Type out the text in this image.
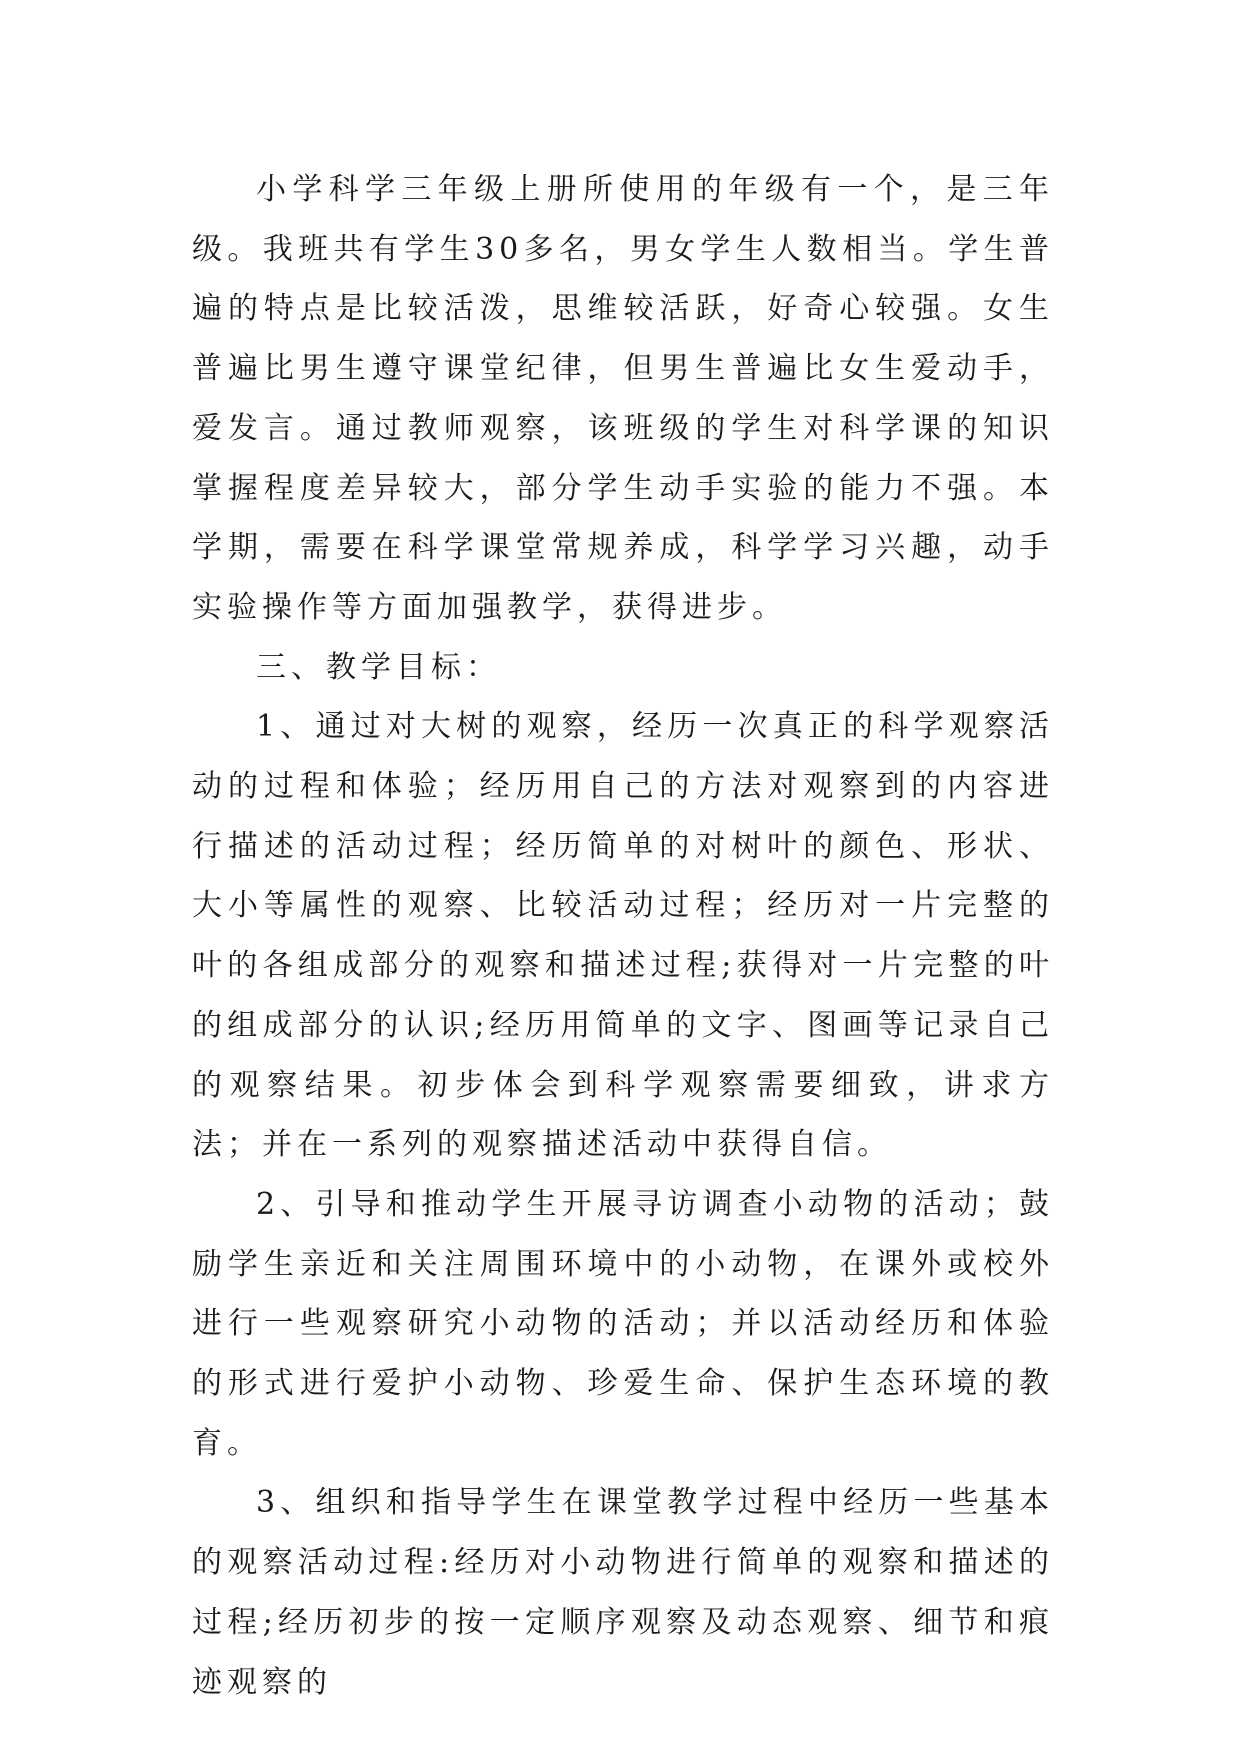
小学科学三年级上册所使用的年级有一个，是三年级。我班共有学生30多名，男女学生人数相当。学生普遍的特点是比较活泼，思维较活跃，好奇心较强。女生普遍比男生遵守课堂纪律，但男生普遍比女生爱动手，爱发言。通过教师观察，该班级的学生对科学课的知识掌握程度差异较大，部分学生动手实验的能力不强。本学期，需要在科学课堂常规养成，科学学习兴趣，动手实验操作等方面加强教学，获得进步。

三、教学目标：

1、通过对大树的观察，经历一次真正的科学观察活动的过程和体验；经历用自己的方法对观察到的内容进行描述的活动过程；经历简单的对树叶的颜色、形状、大小等属性的观察、比较活动过程；经历对一片完整的叶的各组成部分的观察和描述过程;获得对一片完整的叶的组成部分的认识;经历用简单的文字、图画等记录自己的观察结果。初步体会到科学观察需要细致，讲求方法；并在一系列的观察描述活动中获得自信。

2、引导和推动学生开展寻访调查小动物的活动；鼓励学生亲近和关注周围环境中的小动物，在课外或校外进行一些观察研究小动物的活动；并以活动经历和体验的形式进行爱护小动物、珍爱生命、保护生态环境的教育。

3、组织和指导学生在课堂教学过程中经历一些基本的观察活动过程:经历对小动物进行简单的观察和描述的过程;经历初步的按一定顺序观察及动态观察、细节和痕迹观察的
